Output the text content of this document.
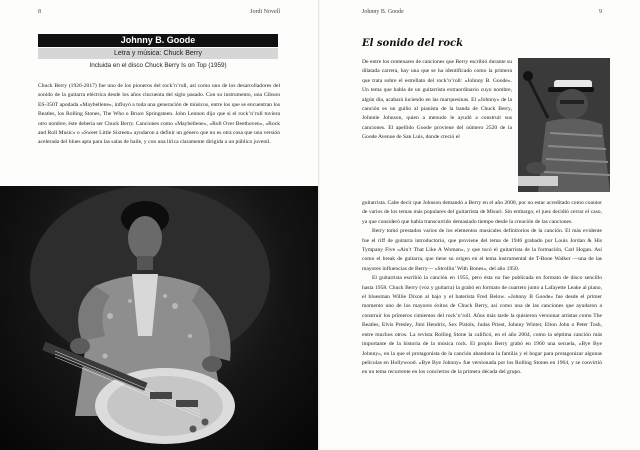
8	Jordi Novell
Johnny B. Goode
Letra y música: Chuck Berry
Incluida en el disco Chuck Berry Is on Top (1959)
Chuck Berry (1926-2017) fue uno de los pioneros del rock’n’roll, así como uno de los desarrolladores del sonido de la guitarra eléctrica desde los años cincuenta del siglo pasado. Con su instrumento, una Gibson ES-350T apodada «Maybellene», influyó a toda una generación de músicos, entre los que se encuentran los Beatles, los Rolling Stones, The Who o Bruce Springsteen. John Lennon dijo que si el rock’n’roll tuviera otro nombre, éste debería ser Chuck Berry. Canciones como «Maybellene», «Roll Over Beethoven», «Rock and Roll Music» o «Sweet Little Sixteen» ayudaron a definir un género que no es otra cosa que una versión acelerada del blues apta para las salas de baile, y con una lírica claramente dirigida a un público juvenil.
Johnny B. Goode	9
El sonido del rock
De entre los centenares de canciones que Berry escribió durante su dilatada carrera, hay una que se ha identificado como la primera que trata sobre el estrellato del rock’n’roll: «Johnny B. Goode». Un tema que habla de un guitarrista extraordinario cuyo nombre, algún día, acabará luciendo en las marquesinas. El «Johnny» de la canción es un guiño al pianista de la banda de Chuck Berry, Johnnie Johnson, quien a menudo le ayudó a construir sus canciones. El apellido Goode proviene del número 2520 de la Goode Avenue de San Luis, donde creció el
guitarrista. Cabe decir que Johnson demandó a Berry en el año 2000, por no estar acreditado como coautor de varios de los temas más populares del guitarrista de Misuri. Sin embargo, el juez decidió cerrar el caso, ya que consideró que había transcurrido demasiado tiempo desde la creación de las canciones.
Berry tomó prestados varios de los elementos musicales definitorios de la canción. El más evidente fue el riff de guitarra introductorio, que proviene del tema de 1946 grabado por Louis Jordan & His Tympany Five «Ain’t That Like A Woman», y que tocó el guitarrista de la formación, Carl Hogan. Así como el break de guitarra, que tiene su origen en el tema instrumental de T-Bone Walker —una de las mayores influencias de Berry— «Strollin’ With Bones», del año 1950.
El guitarrista escribió la canción en 1955, pero ésta no fue publicada en formato de disco sencillo hasta 1958. Chuck Berry (voz y guitarra) la grabó en formato de cuarteto junto a Lafayette Leake al piano, el bluesman Willie Dixon al bajo y el baterista Fred Below. «Johnny B Goode» fue desde el primer momento uno de los mayores éxitos de Chuck Berry, así como una de las canciones que ayudaron a construir los primeros cimientos del rock’n’roll. Años más tarde la quisieron versionar artistas como The Beatles, Elvis Presley, Jimi Hendrix, Sex Pistols, Judas Priest, Johnny Winter, Elton John o Peter Tosh, entre muchos otros. La revista Rolling Stone la calificó, en el año 2004, como la séptima canción más importante de la historia de la música rock. El propio Berry grabó en 1960 una secuela, «Bye Bye Johnny», en la que el protagonista de la canción abandona la familia y el hogar para protagonizar algunas películas en Hollywood. «Bye Bye Johnny» fue versionada por los Rolling Stones en 1964, y se convirtió en un tema recurrente en los conciertos de la primera década del grupo.
